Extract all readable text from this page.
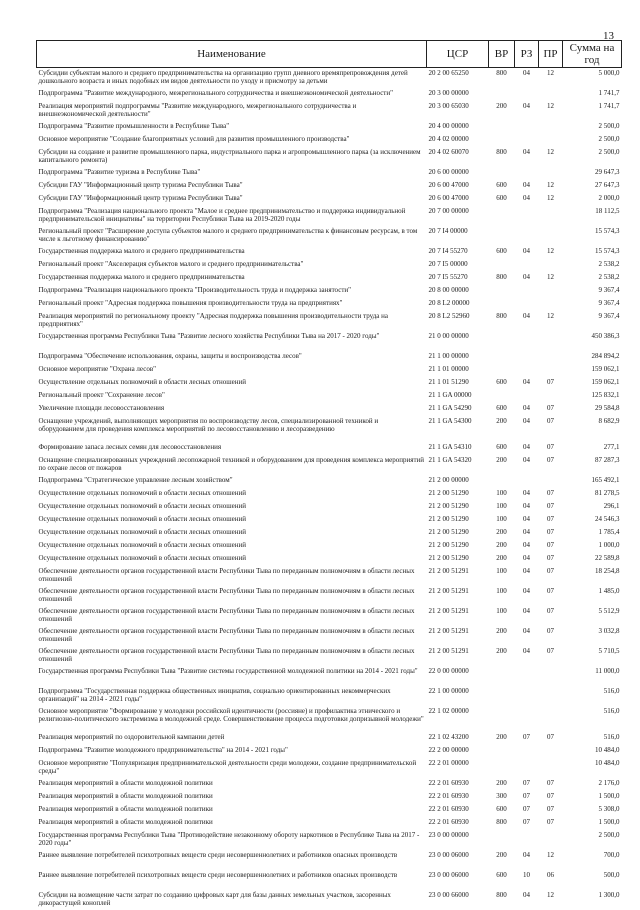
13
Наименование	ЦСР	ВР	РЗ	ПР	Сумма на год
Субсидии субъектам малого и среднего предпринимательства на организацию групп дневного времяпрепровождения детей дошкольного возраста и иных подобных им видов деятельности по уходу и присмотру за детьми	20 2 00 65250	800	04	12	5 000,0
Подпрограмма "Развитие международного, межрегионального сотрудничества и внешнеэкономической деятельности"	20 3 00 00000				1 741,7
Реализация мероприятий подпрограммы "Развитие международного, межрегионального сотрудничества и внешнеэкономической деятельности"	20 3 00 65030	200	04	12	1 741,7
Подпрограмма "Развитие промышленности в Республике Тыва"	20 4 00 00000				2 500,0
Основное мероприятие "Создание благоприятных условий для развития промышленного производства"	20 4 02 00000				2 500,0
Субсидии на создание и развитие промышленного парка, индустриального парка и агропромышленного парка (за исключением капитального ремонта)	20 4 02 60070	800	04	12	2 500,0
Подпрограмма "Развитие туризма в Республике Тыва"	20 6 00 00000				29 647,3
Субсидии ГАУ "Информационный центр туризма Республики Тыва"	20 6 00 47000	600	04	12	27 647,3
Субсидии ГАУ "Информационный центр туризма Республики Тыва"	20 6 00 47000	600	04	12	2 000,0
Подпрограмма "Реализация национального проекта "Малое и среднее предпринимательство и поддержка индивидуальной предпринимательской инициативы" на территории Республики Тыва на 2019-2020 годы	20 7 00 00000				18 112,5
Региональный проект "Расширение доступа субъектов малого и среднего предпринимательства к финансовым ресурсам, в том числе к льготному финансированию"	20 7 I4 00000				15 574,3
Государственная поддержка малого и среднего предпринимательства	20 7 I4 55270	600	04	12	15 574,3
Региональный проект "Акселерация субъектов малого и среднего предпринимательства"	20 7 I5 00000				2 538,2
Государственная поддержка малого и среднего предпринимательства	20 7 I5 55270	800	04	12	2 538,2
Подпрограмма "Реализация национального проекта "Производительность труда и поддержка занятости"	20 8 00 00000				9 367,4
Региональный проект "Адресная поддержка повышения производительности труда на предприятиях"	20 8 L2 00000				9 367,4
Реализация мероприятий по региональному проекту "Адресная поддержка повышения производительности труда на предприятиях"	20 8 L2 52960	800	04	12	9 367,4
Государственная программа Республики Тыва "Развитие лесного хозяйства Республики Тыва на 2017 - 2020 годы"	21 0 00 00000				450 386,3
Подпрограмма "Обеспечение использования, охраны, защиты и воспроизводства лесов"	21 1 00 00000				284 894,2
Основное мероприятие "Охрана лесов"	21 1 01 00000				159 062,1
Осуществление отдельных полномочий в области лесных отношений	21 1 01 51290	600	04	07	159 062,1
Региональный проект "Сохранение лесов"	21 1 GA 00000				125 832,1
Увеличение площади лесовосстановления	21 1 GA 54290	600	04	07	29 584,8
Оснащение учреждений, выполняющих мероприятия по воспроизводству лесов, специализированной техникой и оборудованием для проведения комплекса мероприятий по лесовосстановлению и лесоразведению	21 1 GA 54300	200	04	07	8 682,9
Формирование запаса лесных семян для лесовосстановления	21 1 GA 54310	600	04	07	277,1
Оснащение специализированных учреждений лесопожарной техникой и оборудованием для проведения комплекса мероприятий по охране лесов от пожаров	21 1 GA 54320	200	04	07	87 287,3
Подпрограмма "Стратегическое управление лесным хозяйством"	21 2 00 00000				165 492,1
Осуществление отдельных полномочий в области лесных отношений	21 2 00 51290	100	04	07	81 278,5
Осуществление отдельных полномочий в области лесных отношений	21 2 00 51290	100	04	07	296,1
Осуществление отдельных полномочий в области лесных отношений	21 2 00 51290	100	04	07	24 546,3
Осуществление отдельных полномочий в области лесных отношений	21 2 00 51290	200	04	07	1 785,4
Осуществление отдельных полномочий в области лесных отношений	21 2 00 51290	200	04	07	1 000,0
Осуществление отдельных полномочий в области лесных отношений	21 2 00 51290	200	04	07	22 589,8
Обеспечение деятельности органов государственной власти Республики Тыва по переданным полномочиям в области лесных отношений	21 2 00 51291	100	04	07	18 254,8
Обеспечение деятельности органов государственной власти Республики Тыва по переданным полномочиям в области лесных отношений	21 2 00 51291	100	04	07	1 485,0
Обеспечение деятельности органов государственной власти Республики Тыва по переданным полномочиям в области лесных отношений	21 2 00 51291	100	04	07	5 512,9
Обеспечение деятельности органов государственной власти Республики Тыва по переданным полномочиям в области лесных отношений	21 2 00 51291	200	04	07	3 032,8
Обеспечение деятельности органов государственной власти Республики Тыва по переданным полномочиям в области лесных отношений	21 2 00 51291	200	04	07	5 710,5
Государственная программа Республики Тыва "Развитие системы государственной молодежной политики на 2014 - 2021 годы"	22 0 00 00000				11 000,0
Подпрограмма "Государственная поддержка общественных инициатив, социально ориентированных некоммерческих организаций" на 2014 - 2021 годы"	22 1 00 00000				516,0
Основное мероприятие "Формирование у молодежи российской идентичности (россияне) и профилактика этнического и религиозно-политического экстремизма в молодежной среде. Совершенствование процесса подготовки допризывной молодежи"	22 1 02 00000				516,0
Реализация мероприятий по оздоровительной кампании детей	22 1 02 43200	200	07	07	516,0
Подпрограмма "Развитие молодежного предпринимательства" на 2014 - 2021 годы"	22 2 00 00000				10 484,0
Основное мероприятие "Популяризация предпринимательской деятельности среди молодежи, создание предпринимательской среды"	22 2 01 00000				10 484,0
Реализация мероприятий в области молодежной политики	22 2 01 60930	200	07	07	2 176,0
Реализация мероприятий в области молодежной политики	22 2 01 60930	300	07	07	1 500,0
Реализация мероприятий в области молодежной политики	22 2 01 60930	600	07	07	5 308,0
Реализация мероприятий в области молодежной политики	22 2 01 60930	800	07	07	1 500,0
Государственная программа Республики Тыва "Противодействие незаконному обороту наркотиков в Республике Тыва на 2017 - 2020 годы"	23 0 00 00000				2 500,0
Раннее выявление потребителей психотропных веществ среди несовершеннолетних и работников опасных производств	23 0 00 06000	200	04	12	700,0
Раннее выявление потребителей психотропных веществ среди несовершеннолетних и работников опасных производств	23 0 00 06000	600	10	06	500,0
Субсидии на возмещение части затрат по созданию цифровых карт для базы данных земельных участков, засоренных дикорастущей коноплей	23 0 00 66000	800	04	12	1 300,0
